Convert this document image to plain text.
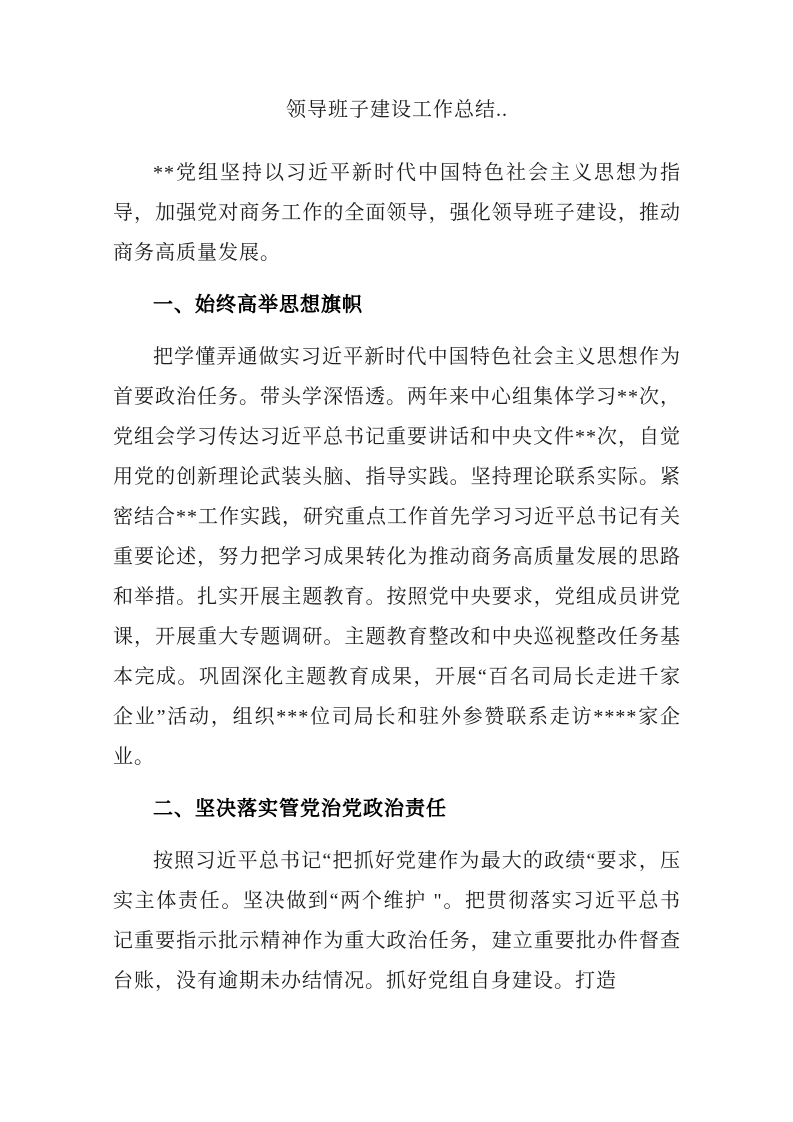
领导班子建设工作总结..

**党组坚持以习近平新时代中国特色社会主义思想为指导，加强党对商务工作的全面领导，强化领导班子建设，推动商务高质量发展。

一、始终高举思想旗帜

把学懂弄通做实习近平新时代中国特色社会主义思想作为首要政治任务。带头学深悟透。两年来中心组集体学习**次，党组会学习传达习近平总书记重要讲话和中央文件**次，自觉用党的创新理论武装头脑、指导实践。坚持理论联系实际。紧密结合**工作实践，研究重点工作首先学习习近平总书记有关重要论述，努力把学习成果转化为推动商务高质量发展的思路和举措。扎实开展主题教育。按照党中央要求，党组成员讲党课，开展重大专题调研。主题教育整改和中央巡视整改任务基本完成。巩固深化主题教育成果，开展“百名司局长走进千家企业”活动，组织***位司局长和驻外参赞联系走访****家企业。

二、坚决落实管党治党政治责任

按照习近平总书记“把抓好党建作为最大的政绩“要求，压实主体责任。坚决做到“两个维护 "。把贯彻落实习近平总书记重要指示批示精神作为重大政治任务，建立重要批办件督查台账，没有逾期未办结情况。抓好党组自身建设。打造
